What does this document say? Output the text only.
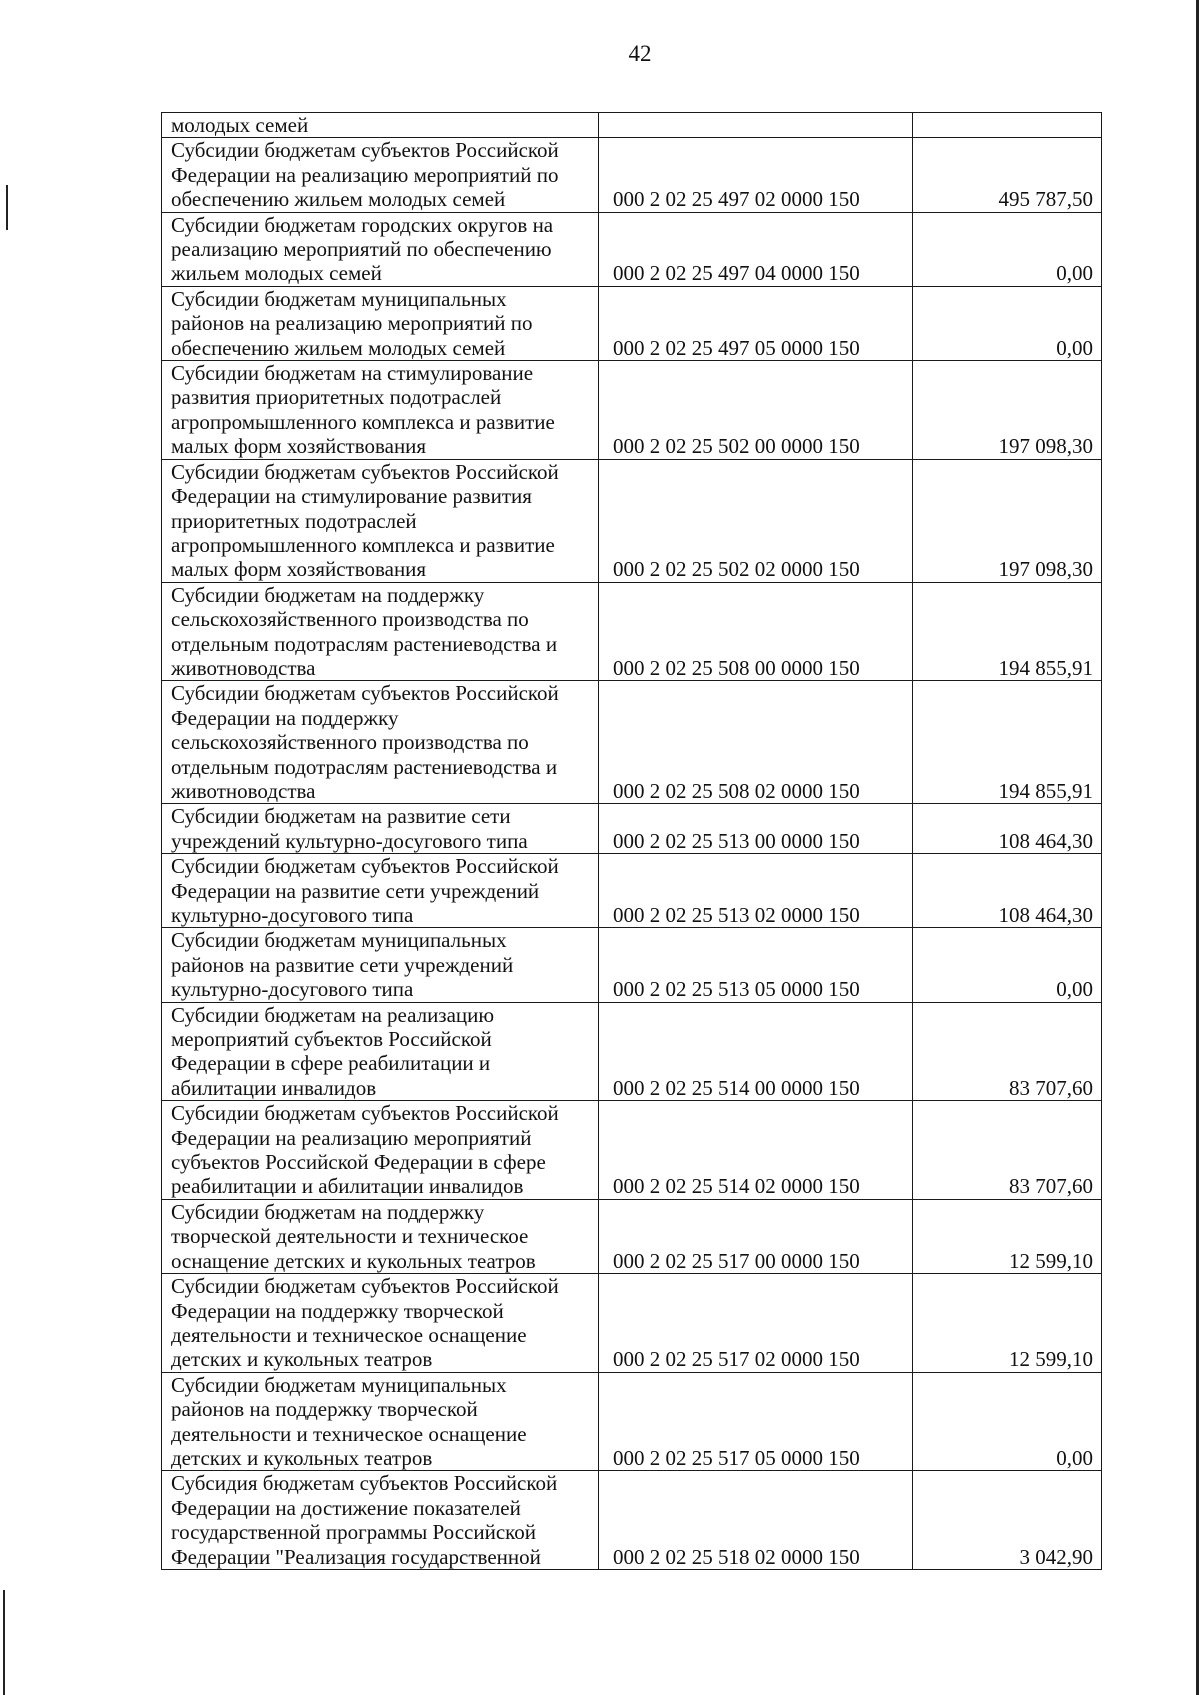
42
молодых семей		

Субсидии бюджетам субъектов Российской
Федерации на реализацию мероприятий по
обеспечению жильем молодых семей	000 2 02 25 497 02 0000 150	495 787,50

Субсидии бюджетам городских округов на
реализацию мероприятий по обеспечению
жильем молодых семей	000 2 02 25 497 04 0000 150	0,00

Субсидии бюджетам муниципальных
районов на реализацию мероприятий по
обеспечению жильем молодых семей	000 2 02 25 497 05 0000 150	0,00

Субсидии бюджетам на стимулирование
развития приоритетных подотраслей
агропромышленного комплекса и развитие
малых форм хозяйствования	000 2 02 25 502 00 0000 150	197 098,30

Субсидии бюджетам субъектов Российской
Федерации на стимулирование развития
приоритетных подотраслей
агропромышленного комплекса и развитие
малых форм хозяйствования	000 2 02 25 502 02 0000 150	197 098,30

Субсидии бюджетам на поддержку
сельскохозяйственного производства по
отдельным подотраслям растениеводства и
животноводства	000 2 02 25 508 00 0000 150	194 855,91

Субсидии бюджетам субъектов Российской
Федерации на поддержку
сельскохозяйственного производства по
отдельным подотраслям растениеводства и
животноводства	000 2 02 25 508 02 0000 150	194 855,91

Субсидии бюджетам на развитие сети
учреждений культурно-досугового типа	000 2 02 25 513 00 0000 150	108 464,30

Субсидии бюджетам субъектов Российской
Федерации на развитие сети учреждений
культурно-досугового типа	000 2 02 25 513 02 0000 150	108 464,30

Субсидии бюджетам муниципальных
районов на развитие сети учреждений
культурно-досугового типа	000 2 02 25 513 05 0000 150	0,00

Субсидии бюджетам на реализацию
мероприятий субъектов Российской
Федерации в сфере реабилитации и
абилитации инвалидов	000 2 02 25 514 00 0000 150	83 707,60

Субсидии бюджетам субъектов Российской
Федерации на реализацию мероприятий
субъектов Российской Федерации в сфере
реабилитации и абилитации инвалидов	000 2 02 25 514 02 0000 150	83 707,60

Субсидии бюджетам на поддержку
творческой деятельности и техническое
оснащение детских и кукольных театров	000 2 02 25 517 00 0000 150	12 599,10

Субсидии бюджетам субъектов Российской
Федерации на поддержку творческой
деятельности и техническое оснащение
детских и кукольных театров	000 2 02 25 517 02 0000 150	12 599,10

Субсидии бюджетам муниципальных
районов на поддержку творческой
деятельности и техническое оснащение
детских и кукольных театров	000 2 02 25 517 05 0000 150	0,00

Субсидия бюджетам субъектов Российской
Федерации на достижение показателей
государственной программы Российской
Федерации "Реализация государственной	000 2 02 25 518 02 0000 150	3 042,90
